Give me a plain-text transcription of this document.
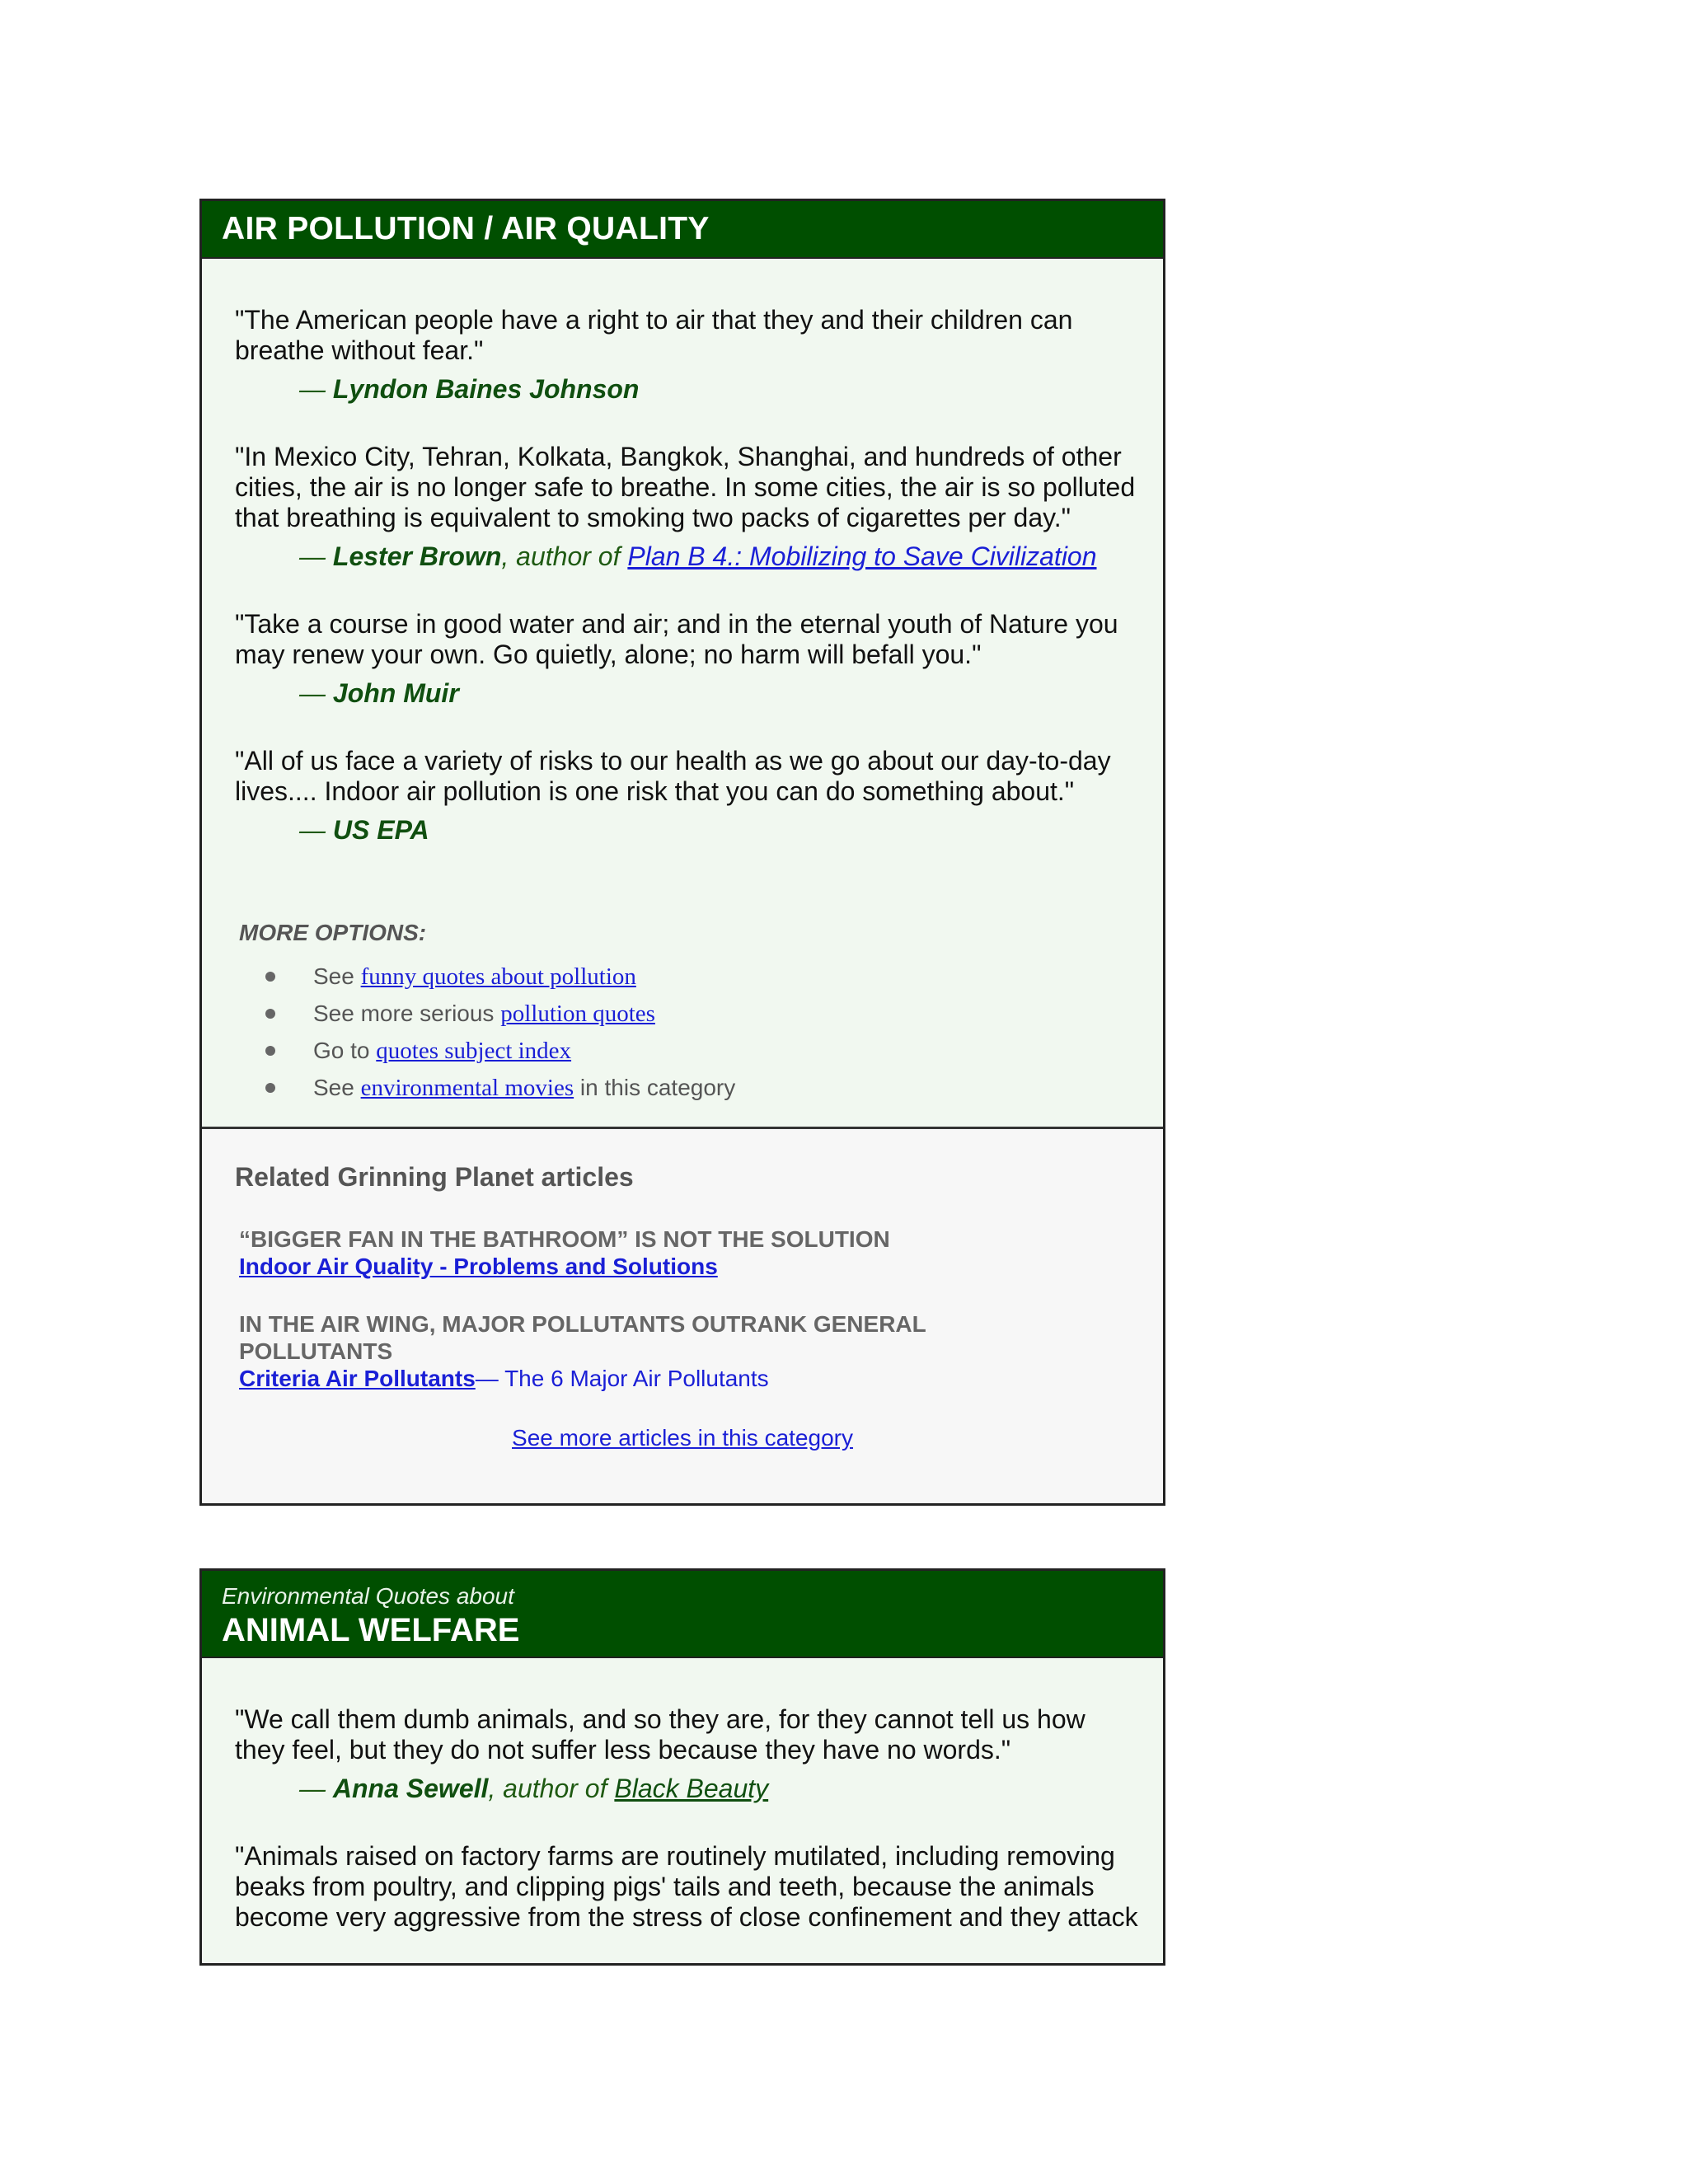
AIR POLLUTION / AIR QUALITY
"The American people have a right to air that they and their children can breathe without fear."
— Lyndon Baines Johnson
"In Mexico City, Tehran, Kolkata, Bangkok, Shanghai, and hundreds of other cities, the air is no longer safe to breathe. In some cities, the air is so polluted that breathing is equivalent to smoking two packs of cigarettes per day."
— Lester Brown, author of Plan B 4.: Mobilizing to Save Civilization
"Take a course in good water and air; and in the eternal youth of Nature you may renew your own. Go quietly, alone; no harm will befall you."
— John Muir
"All of us face a variety of risks to our health as we go about our day-to-day lives.... Indoor air pollution is one risk that you can do something about."
— US EPA
MORE OPTIONS:
See funny quotes about pollution
See more serious pollution quotes
Go to quotes subject index
See environmental movies in this category
Related Grinning Planet articles
“BIGGER FAN IN THE BATHROOM” IS NOT THE SOLUTION
Indoor Air Quality - Problems and Solutions
IN THE AIR WING, MAJOR POLLUTANTS OUTRANK GENERAL POLLUTANTS
Criteria Air Pollutants— The 6 Major Air Pollutants
See more articles in this category
Environmental Quotes about
ANIMAL WELFARE
"We call them dumb animals, and so they are, for they cannot tell us how they feel, but they do not suffer less because they have no words."
— Anna Sewell, author of Black Beauty
"Animals raised on factory farms are routinely mutilated, including removing beaks from poultry, and clipping pigs' tails and teeth, because the animals become very aggressive from the stress of close confinement and they attack
